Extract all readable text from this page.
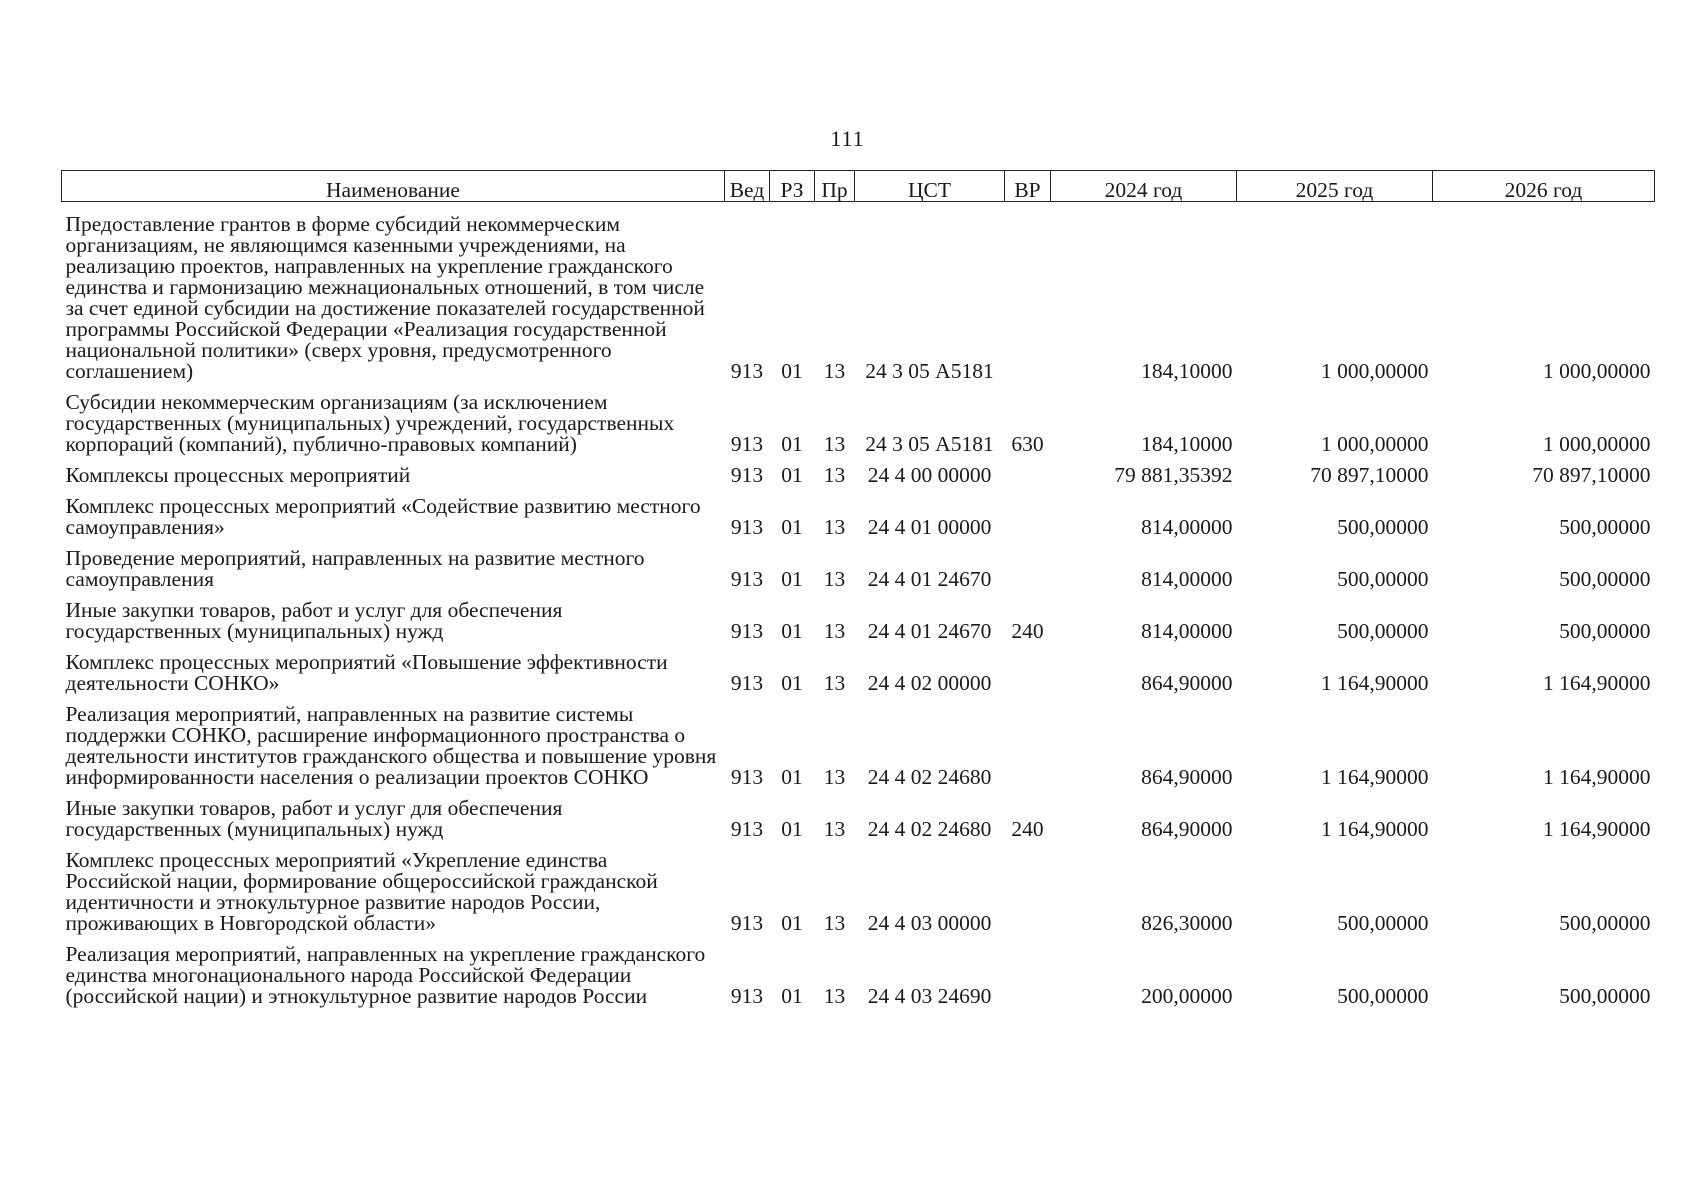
111
Наименование	Вед	РЗ	Пр	ЦСТ	ВР	2024 год	2025 год	2026 год
Предоставление грантов в форме субсидий некоммерческим организациям, не являющимся казенными учреждениями, на реализацию проектов, направленных на укрепление гражданского единства и гармонизацию межнациональных отношений, в том числе за счет единой субсидии на достижение показателей государственной программы Российской Федерации «Реализация государственной национальной политики» (сверх уровня, предусмотренного соглашением)	913	01	13	24 3 05 А5181		184,10000	1 000,00000	1 000,00000
Субсидии некоммерческим организациям (за исключением государственных (муниципальных) учреждений, государственных корпораций (компаний), публично-правовых компаний)	913	01	13	24 3 05 А5181	630	184,10000	1 000,00000	1 000,00000
Комплексы процессных мероприятий	913	01	13	24 4 00 00000		79 881,35392	70 897,10000	70 897,10000
Комплекс процессных мероприятий «Содействие развитию местного самоуправления»	913	01	13	24 4 01 00000		814,00000	500,00000	500,00000
Проведение мероприятий, направленных на развитие местного самоуправления	913	01	13	24 4 01 24670		814,00000	500,00000	500,00000
Иные закупки товаров, работ и услуг для обеспечения государственных (муниципальных) нужд	913	01	13	24 4 01 24670	240	814,00000	500,00000	500,00000
Комплекс процессных мероприятий «Повышение эффективности деятельности СОНКО»	913	01	13	24 4 02 00000		864,90000	1 164,90000	1 164,90000
Реализация мероприятий, направленных на развитие системы поддержки СОНКО, расширение информационного пространства о деятельности институтов гражданского общества и повышение уровня информированности населения о реализации проектов СОНКО	913	01	13	24 4 02 24680		864,90000	1 164,90000	1 164,90000
Иные закупки товаров, работ и услуг для обеспечения государственных (муниципальных) нужд	913	01	13	24 4 02 24680	240	864,90000	1 164,90000	1 164,90000
Комплекс процессных мероприятий «Укрепление единства Российской нации, формирование общероссийской гражданской идентичности и этнокультурное развитие народов России, проживающих в Новгородской области»	913	01	13	24 4 03 00000		826,30000	500,00000	500,00000
Реализация мероприятий, направленных на укрепление гражданского единства многонационального народа Российской Федерации (российской нации) и этнокультурное развитие народов России	913	01	13	24 4 03 24690		200,00000	500,00000	500,00000
